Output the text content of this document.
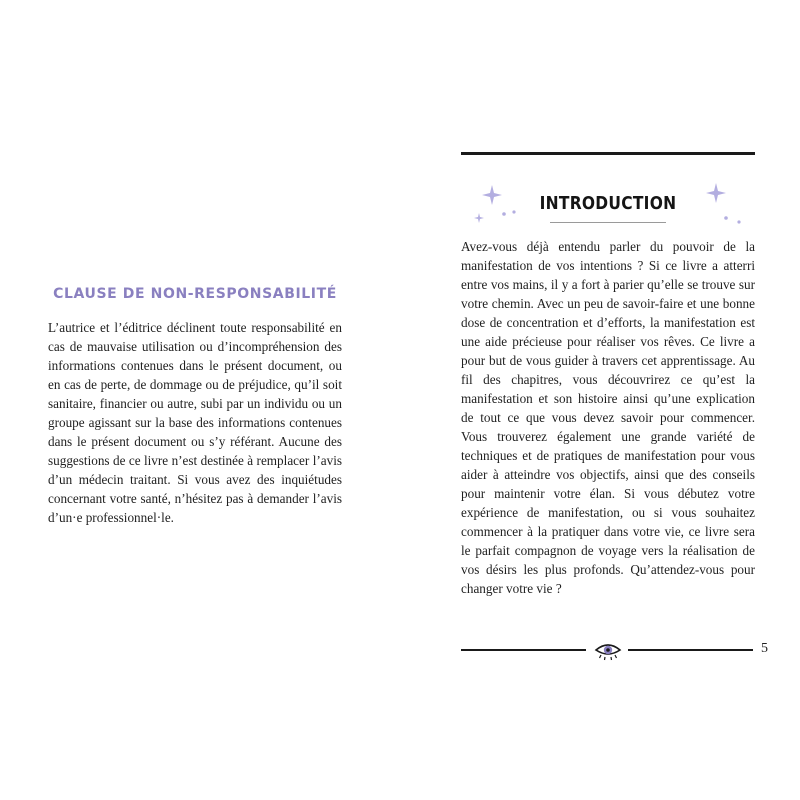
CLAUSE DE NON-RESPONSABILITÉ

L’autrice et l’éditrice déclinent toute responsabilité en cas de mauvaise utilisation ou d’incompréhension des informations contenues dans le présent document, ou en cas de perte, de dommage ou de préjudice, qu’il soit sanitaire, financier ou autre, subi par un individu ou un groupe agissant sur la base des informations contenues dans le présent document ou s’y référant. Aucune des suggestions de ce livre n’est destinée à remplacer l’avis d’un médecin traitant. Si vous avez des inquiétudes concernant votre santé, n’hésitez pas à demander l’avis d’un·e professionnel·le.

INTRODUCTION

Avez-vous déjà entendu parler du pouvoir de la manifestation de vos intentions ? Si ce livre a atterri entre vos mains, il y a fort à parier qu’elle se trouve sur votre chemin. Avec un peu de savoir-faire et une bonne dose de concentration et d’efforts, la manifestation est une aide précieuse pour réaliser vos rêves. Ce livre a pour but de vous guider à travers cet apprentissage. Au fil des chapitres, vous découvrirez ce qu’est la manifestation et son histoire ainsi qu’une explication de tout ce que vous devez savoir pour commencer. Vous trouverez également une grande variété de techniques et de pratiques de manifestation pour vous aider à atteindre vos objectifs, ainsi que des conseils pour maintenir votre élan. Si vous débutez votre expérience de manifestation, ou si vous souhaitez commencer à la pratiquer dans votre vie, ce livre sera le parfait compagnon de voyage vers la réalisation de vos désirs les plus profonds. Qu’attendez-vous pour changer votre vie ?

5
